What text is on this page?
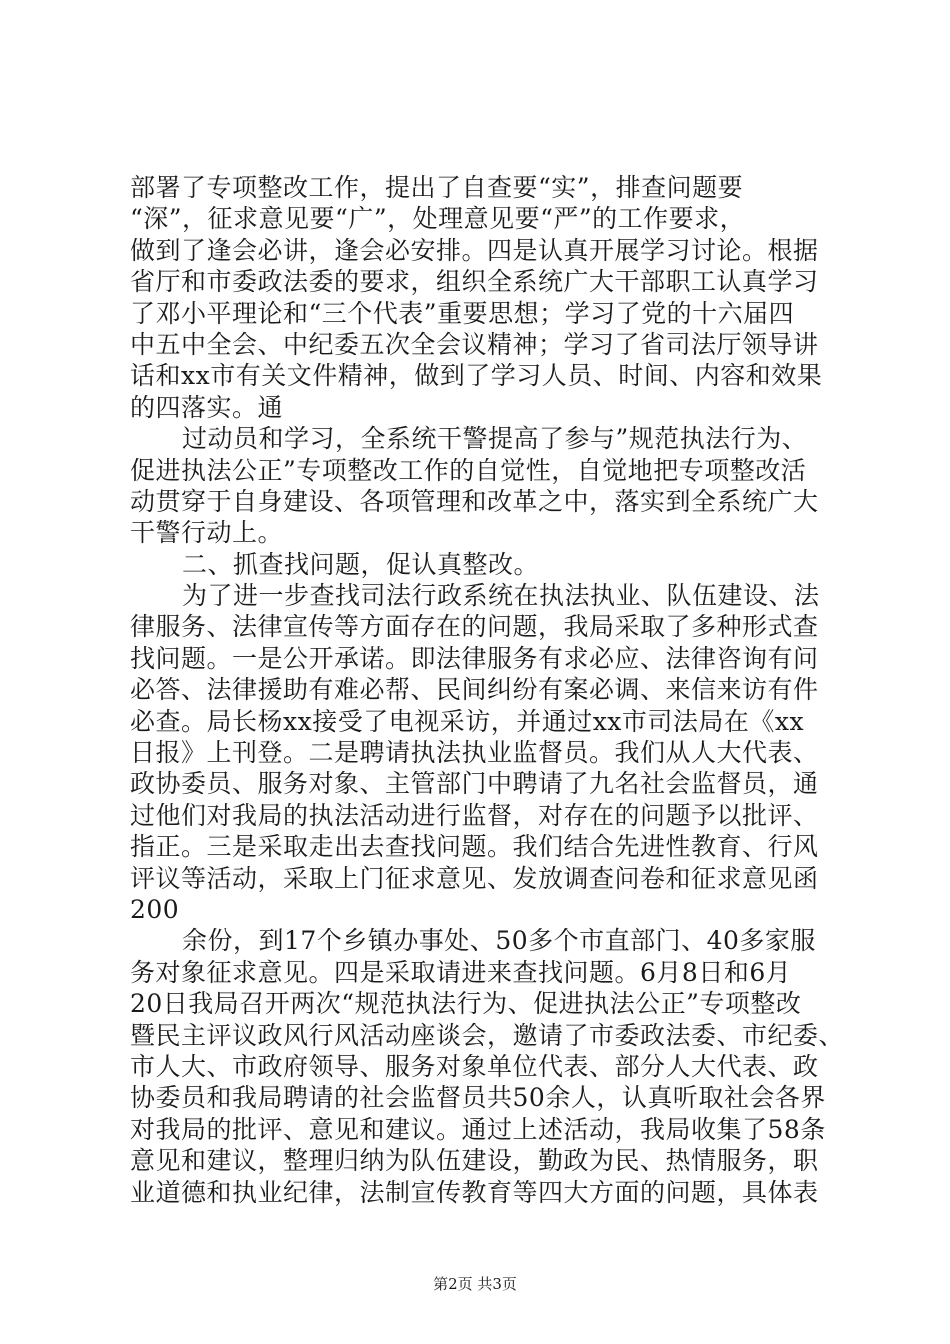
部署了专项整改工作，提出了自查要“实”，排查问题要
“深”，征求意见要“广”，处理意见要“严”的工作要求，
做到了逢会必讲，逢会必安排。四是认真开展学习讨论。根据
省厅和市委政法委的要求，组织全系统广大干部职工认真学习
了邓小平理论和“三个代表”重要思想；学习了党的十六届四
中五中全会、中纪委五次全会议精神；学习了省司法厅领导讲
话和xx市有关文件精神，做到了学习人员、时间、内容和效果
的四落实。通
过动员和学习，全系统干警提高了参与”规范执法行为、
促进执法公正”专项整改工作的自觉性，自觉地把专项整改活
动贯穿于自身建设、各项管理和改革之中，落实到全系统广大
干警行动上。
二、抓查找问题，促认真整改。
为了进一步查找司法行政系统在执法执业、队伍建设、法
律服务、法律宣传等方面存在的问题，我局采取了多种形式查
找问题。一是公开承诺。即法律服务有求必应、法律咨询有问
必答、法律援助有难必帮、民间纠纷有案必调、来信来访有件
必查。局长杨xx接受了电视采访，并通过xx市司法局在《xx
日报》上刊登。二是聘请执法执业监督员。我们从人大代表、
政协委员、服务对象、主管部门中聘请了九名社会监督员，通
过他们对我局的执法活动进行监督，对存在的问题予以批评、
指正。三是采取走出去查找问题。我们结合先进性教育、行风
评议等活动，采取上门征求意见、发放调查问卷和征求意见函
200
余份，到17个乡镇办事处、50多个市直部门、40多家服
务对象征求意见。四是采取请进来查找问题。6月8日和6月
20日我局召开两次“规范执法行为、促进执法公正”专项整改
暨民主评议政风行风活动座谈会，邀请了市委政法委、市纪委、
市人大、市政府领导、服务对象单位代表、部分人大代表、政
协委员和我局聘请的社会监督员共50余人，认真听取社会各界
对我局的批评、意见和建议。通过上述活动，我局收集了58条
意见和建议，整理归纳为队伍建设，勤政为民、热情服务，职
业道德和执业纪律，法制宣传教育等四大方面的问题，具体表
第2页 共3页
